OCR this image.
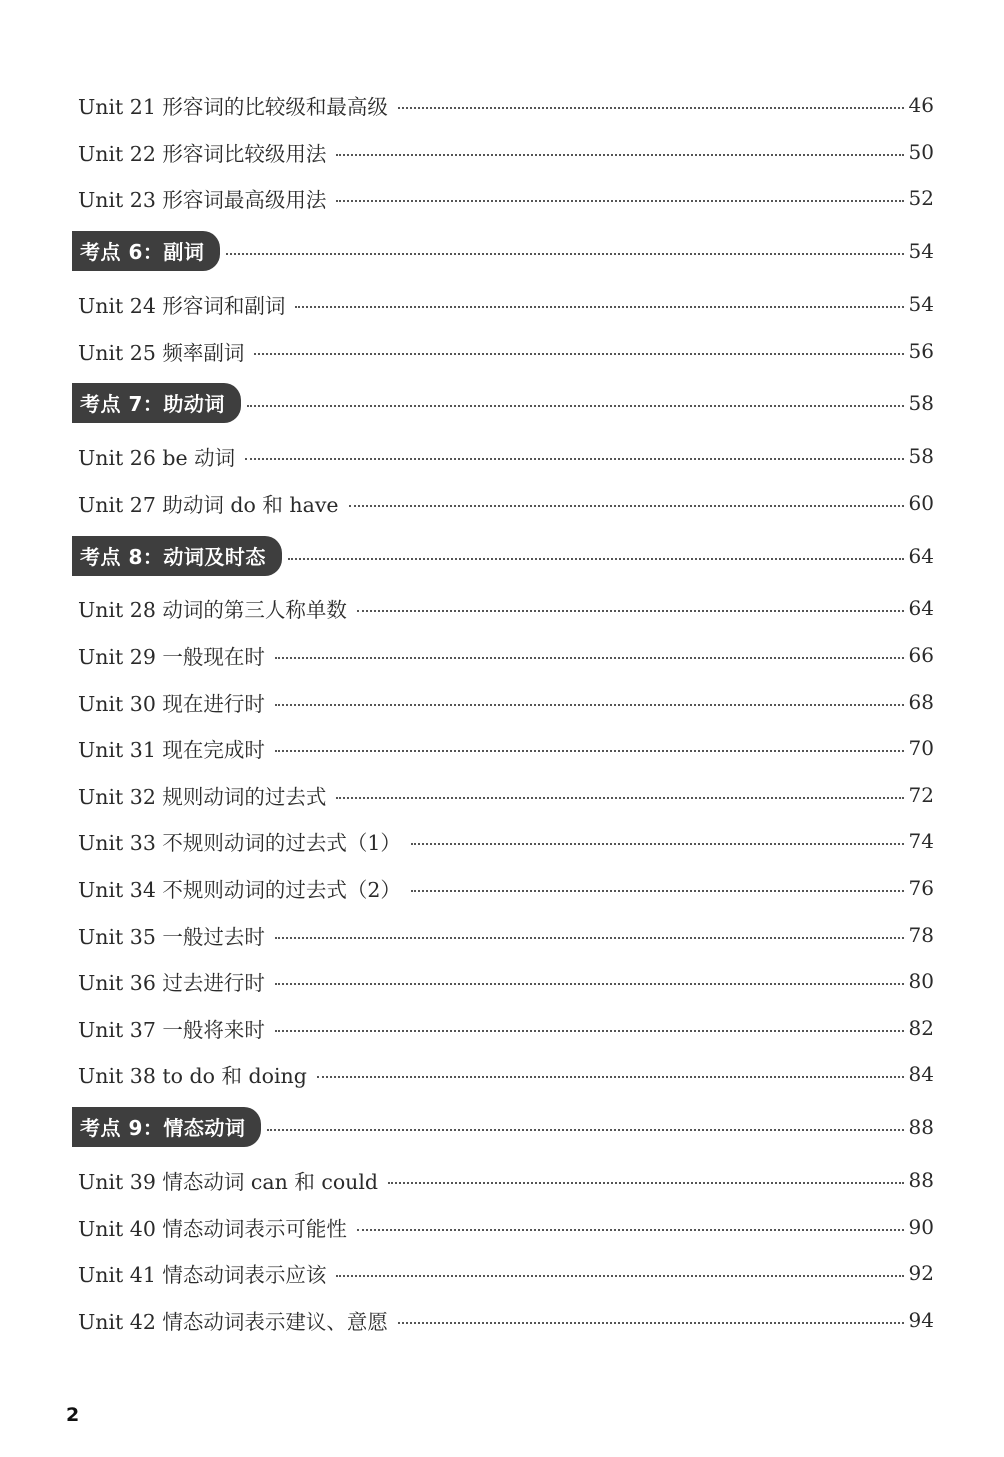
Unit 21 形容词的比较级和最高级	46
Unit 22 形容词比较级用法	50
Unit 23 形容词最高级用法	52
考点 6：副词	54
Unit 24 形容词和副词	54
Unit 25 频率副词	56
考点 7：助动词	58
Unit 26 be 动词	58
Unit 27 助动词 do 和 have	60
考点 8：动词及时态	64
Unit 28 动词的第三人称单数	64
Unit 29 一般现在时	66
Unit 30 现在进行时	68
Unit 31 现在完成时	70
Unit 32 规则动词的过去式	72
Unit 33 不规则动词的过去式（1）	74
Unit 34 不规则动词的过去式（2）	76
Unit 35 一般过去时	78
Unit 36 过去进行时	80
Unit 37 一般将来时	82
Unit 38 to do 和 doing	84
考点 9：情态动词	88
Unit 39 情态动词 can 和 could	88
Unit 40 情态动词表示可能性	90
Unit 41 情态动词表示应该	92
Unit 42 情态动词表示建议、意愿	94
2
